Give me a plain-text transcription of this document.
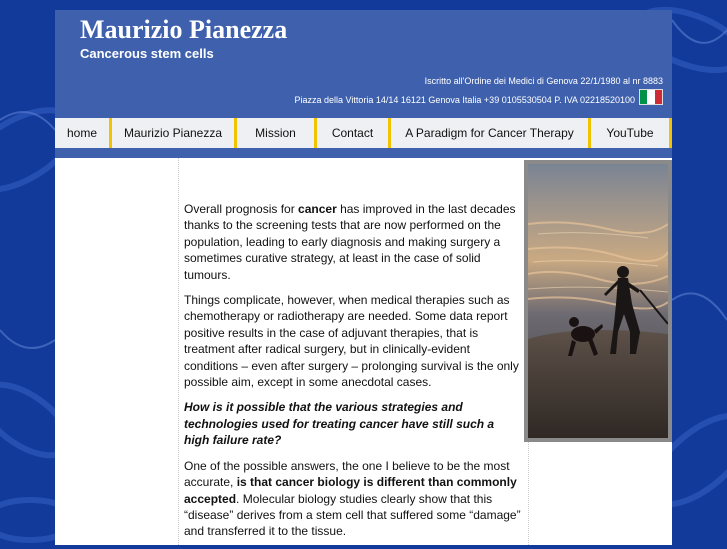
Maurizio Pianezza
Cancerous stem cells
Iscritto all'Ordine dei Medici di Genova 22/1/1980 al nr 8883
Piazza della Vittoria 14/14 16121 Genova Italia +39 0105530504 P. IVA 02218520100
home	Maurizio Pianezza	Mission	Contact	A Paradigm for Cancer Therapy	YouTube

Overall prognosis for cancer has improved in the last decades thanks to the screening tests that are now performed on the population, leading to early diagnosis and making surgery a sometimes curative strategy, at least in the case of solid tumours.

Things complicate, however, when medical therapies such as chemotherapy or radiotherapy are needed. Some data report positive results in the case of adjuvant therapies, that is treatment after radical surgery, but in clinically-evident conditions – even after surgery – prolonging survival is the only possible aim, except in some anecdotal cases.

How is it possible that the various strategies and technologies used for treating cancer have still such a high failure rate?

One of the possible answers, the one I believe to be the most accurate, is that cancer biology is different than commonly accepted. Molecular biology studies clearly show that this “disease” derives from a stem cell that suffered some “damage” and transferred it to the tissue.
